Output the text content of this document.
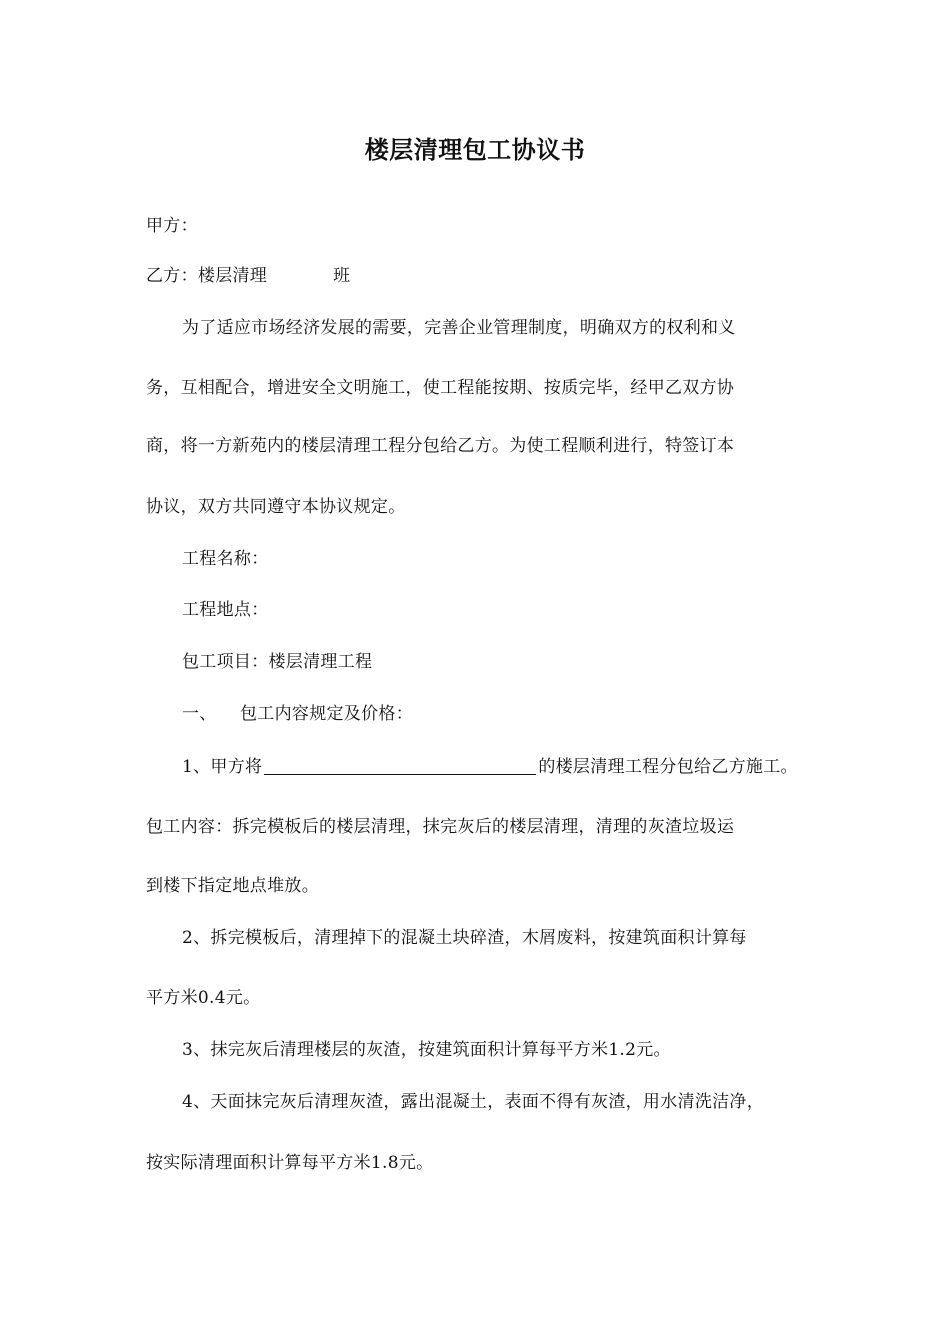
楼层清理包工协议书
甲方：
乙方：楼层清理	班
为了适应市场经济发展的需要，完善企业管理制度，明确双方的权利和义
务，互相配合，增进安全文明施工，使工程能按期、按质完毕，经甲乙双方协
商，将一方新苑内的楼层清理工程分包给乙方。为使工程顺利进行，特签订本
协议，双方共同遵守本协议规定。
工程名称：
工程地点：
包工项目：楼层清理工程
一、 包工内容规定及价格：
1、甲方将	的楼层清理工程分包给乙方施工。
包工内容：拆完模板后的楼层清理，抹完灰后的楼层清理，清理的灰渣垃圾运
到楼下指定地点堆放。
2、拆完模板后，清理掉下的混凝土块碎渣，木屑废料，按建筑面积计算每
平方米0.4元。
3、抹完灰后清理楼层的灰渣，按建筑面积计算每平方米1.2元。
4、天面抹完灰后清理灰渣，露出混凝土，表面不得有灰渣，用水清洗洁净，
按实际清理面积计算每平方米1.8元。
